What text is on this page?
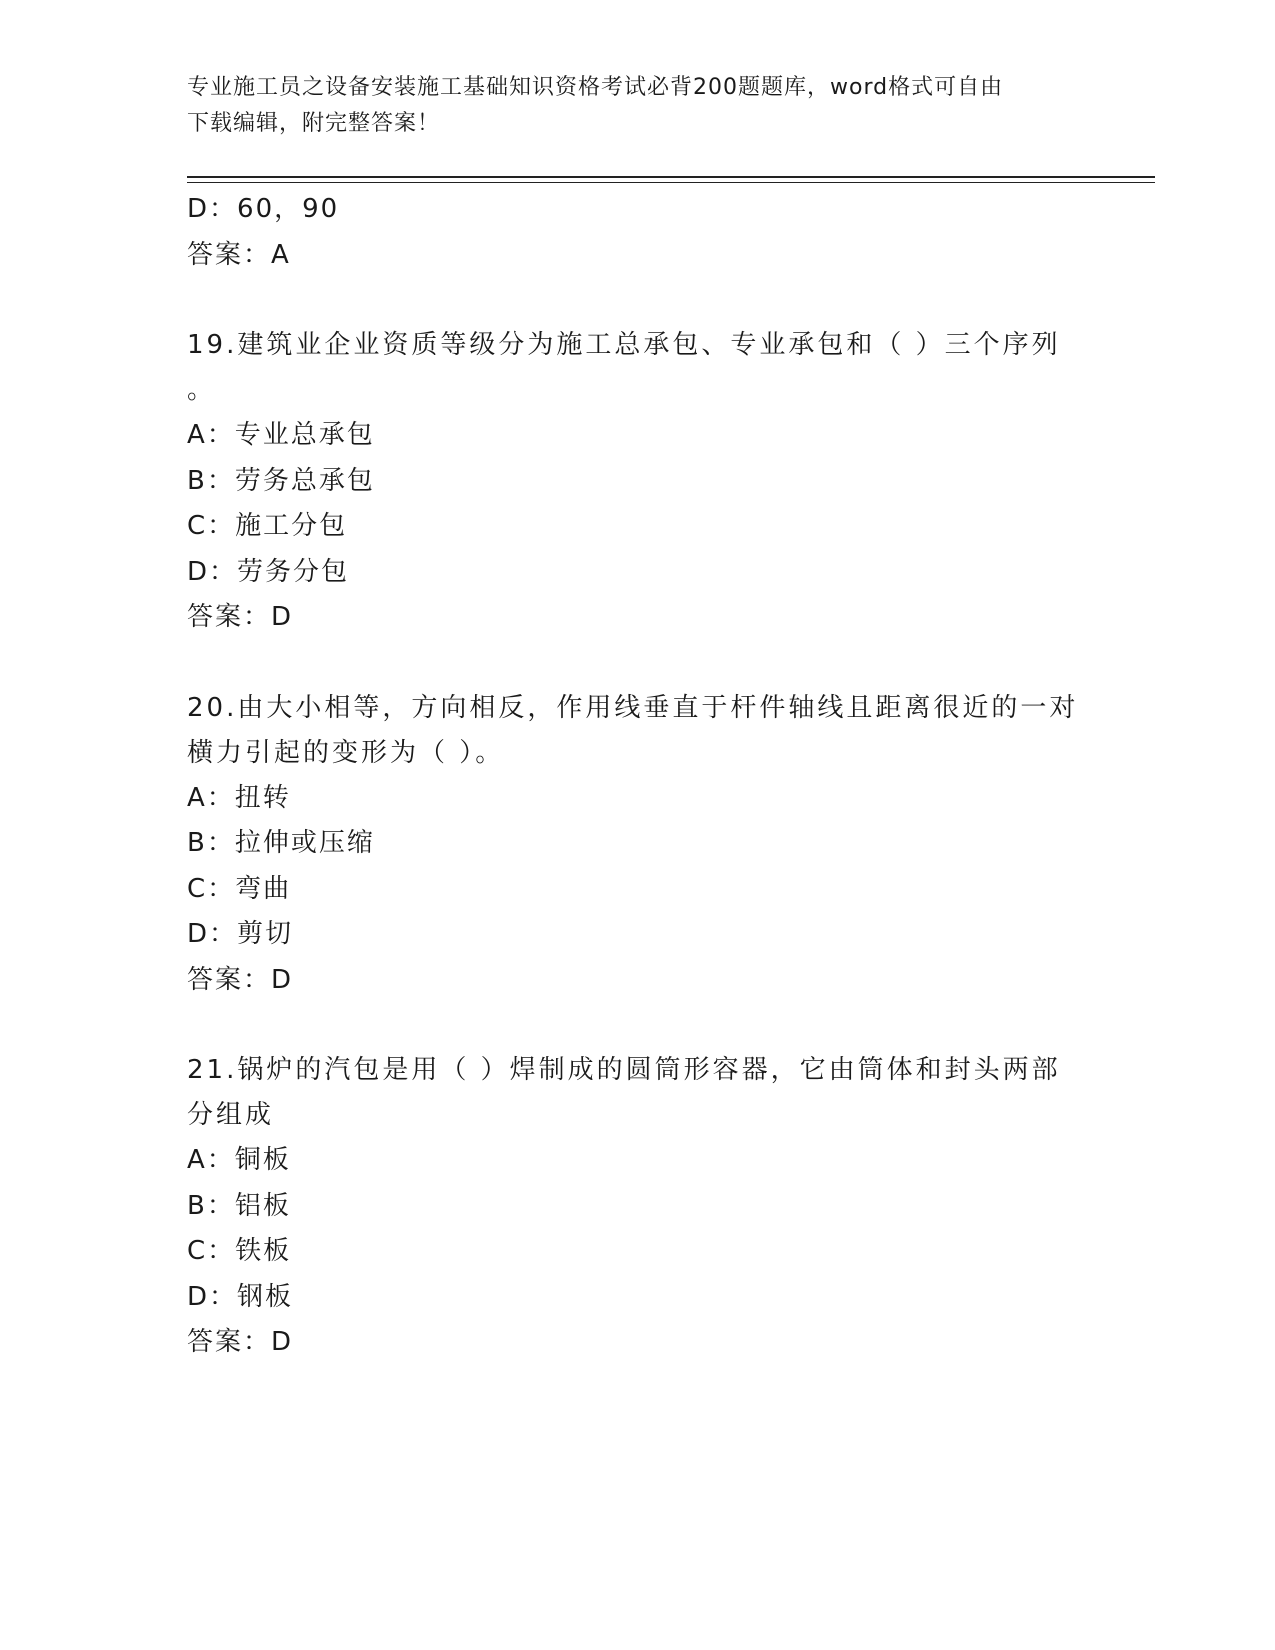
专业施工员之设备安装施工基础知识资格考试必背200题题库，word格式可自由
下载编辑，附完整答案！
D：60，90
答案：A
19.建筑业企业资质等级分为施工总承包、专业承包和（ ）三个序列
。
A：专业总承包
B：劳务总承包
C：施工分包
D：劳务分包
答案：D
20.由大小相等，方向相反，作用线垂直于杆件轴线且距离很近的一对
横力引起的变形为（ ）。
A：扭转
B：拉伸或压缩
C：弯曲
D：剪切
答案：D
21.锅炉的汽包是用（ ）焊制成的圆筒形容器，它由筒体和封头两部
分组成
A：铜板
B：铝板
C：铁板
D：钢板
答案：D
